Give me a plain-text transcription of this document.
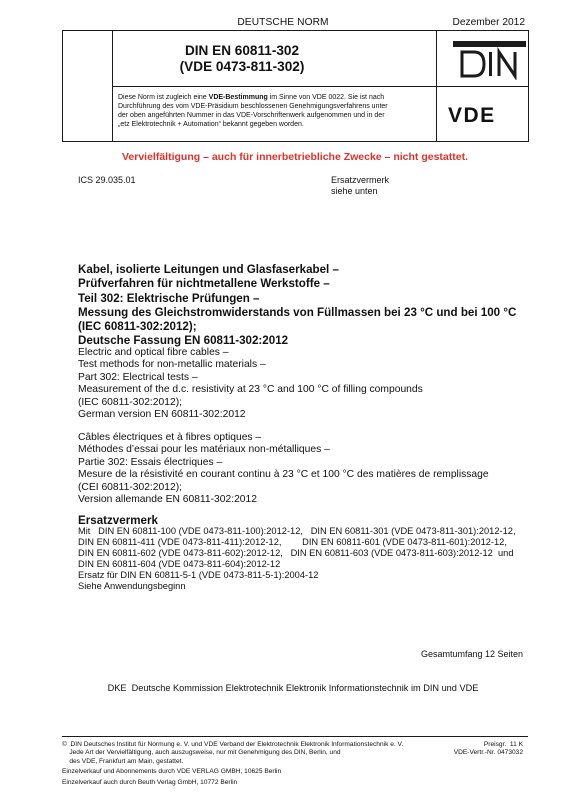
DEUTSCHE NORM	Dezember 2012
DIN EN 60811-302
(VDE 0473-811-302)
Diese Norm ist zugleich eine VDE-Bestimmung im Sinne von VDE 0022. Sie ist nach
Durchführung des vom VDE-Präsidium beschlossenen Genehmigungsverfahrens unter
der oben angeführten Nummer in das VDE-Vorschriftenwerk aufgenommen und in der
„etz Elektrotechnik + Automation“ bekannt gegeben worden.	VDE
Vervielfältigung – auch für innerbetriebliche Zwecke – nicht gestattet.
ICS 29.035.01	Ersatzvermerk
siehe unten
Kabel, isolierte Leitungen und Glasfaserkabel –
Prüfverfahren für nichtmetallene Werkstoffe –
Teil 302: Elektrische Prüfungen –
Messung des Gleichstromwiderstands von Füllmassen bei 23 °C und bei 100 °C
(IEC 60811-302:2012);
Deutsche Fassung EN 60811-302:2012
Electric and optical fibre cables –
Test methods for non-metallic materials –
Part 302: Electrical tests –
Measurement of the d.c. resistivity at 23 °C and 100 °C of filling compounds
(IEC 60811-302:2012);
German version EN 60811-302:2012
Câbles électriques et à fibres optiques –
Méthodes d’essai pour les matériaux non-métalliques –
Partie 302: Essais électriques –
Mesure de la résistivité en courant continu à 23 °C et 100 °C des matières de remplissage
(CEI 60811-302:2012);
Version allemande EN 60811-302:2012
Ersatzvermerk
Mit   DIN EN 60811-100 (VDE 0473-811-100):2012-12,   DIN EN 60811-301 (VDE 0473-811-301):2012-12,
DIN EN 60811-411 (VDE 0473-811-411):2012-12,        DIN EN 60811-601 (VDE 0473-811-601):2012-12,
DIN EN 60811-602 (VDE 0473-811-602):2012-12,   DIN EN 60811-603 (VDE 0473-811-603):2012-12  und
DIN EN 60811-604 (VDE 0473-811-604):2012-12
Ersatz für DIN EN 60811-5-1 (VDE 0473-811-5-1):2004-12
Siehe Anwendungsbeginn
Gesamtumfang 12 Seiten
DKE  Deutsche Kommission Elektrotechnik Elektronik Informationstechnik im DIN und VDE
©  DIN Deutsches Institut für Normung e. V. und VDE Verband der Elektrotechnik Elektronik Informationstechnik e. V.
Jede Art der Vervielfältigung, auch auszugsweise, nur mit Genehmigung des DIN, Berlin, und
des VDE, Frankfurt am Main, gestattet.
Preisgr.  11 K
VDE-Vertr.-Nr. 0473032
Einzelverkauf und Abonnements durch VDE VERLAG GMBH, 10625 Berlin
Einzelverkauf auch durch Beuth Verlag GmbH, 10772 Berlin
